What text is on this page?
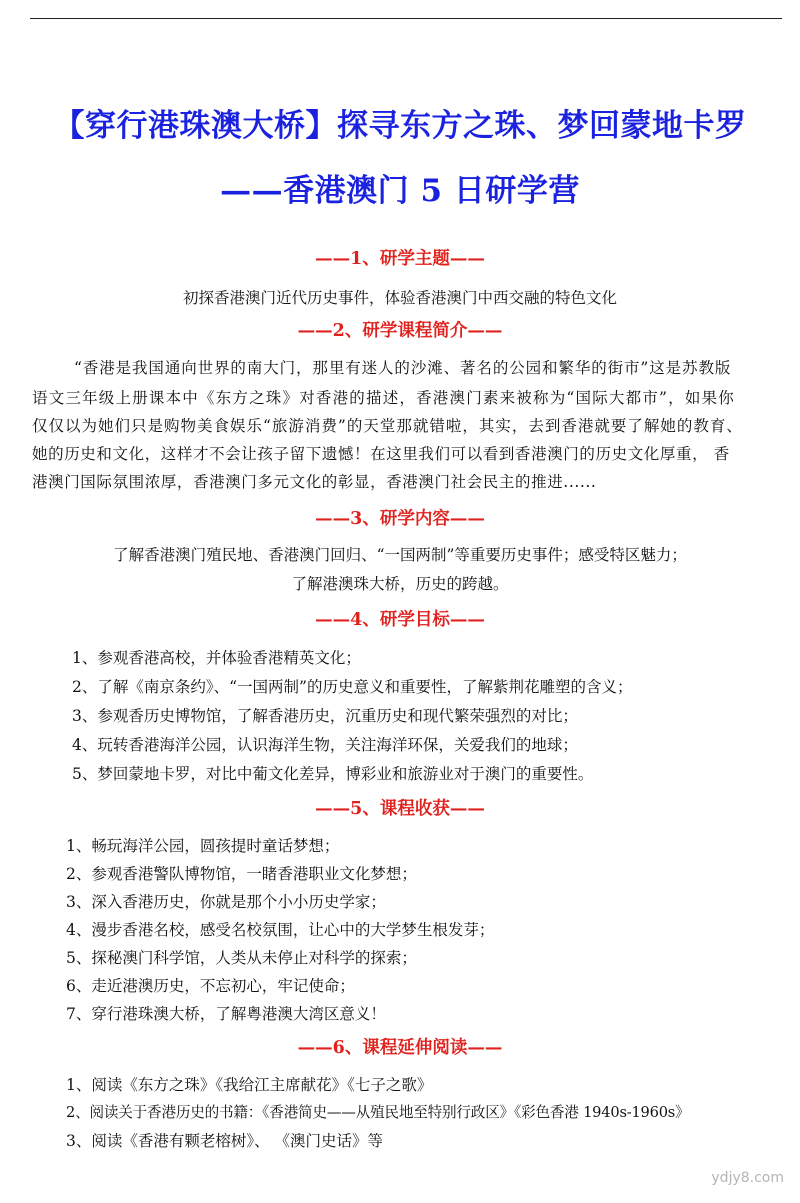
【穿行港珠澳大桥】探寻东方之珠、梦回蒙地卡罗
——香港澳门 5 日研学营
——1、研学主题——
初探香港澳门近代历史事件，体验香港澳门中西交融的特色文化
——2、研学课程简介——
“香港是我国通向世界的南大门，那里有迷人的沙滩、著名的公园和繁华的街市”这是苏教版
语文三年级上册课本中《东方之珠》对香港的描述，香港澳门素来被称为“国际大都市”，如果你
仅仅以为她们只是购物美食娱乐“旅游消费”的天堂那就错啦，其实，去到香港就要了解她的教育、
她的历史和文化，这样才不会让孩子留下遗憾！在这里我们可以看到香港澳门的历史文化厚重， 香
港澳门国际氛围浓厚，香港澳门多元文化的彰显，香港澳门社会民主的推进......
——3、研学内容——
了解香港澳门殖民地、香港澳门回归、“一国两制”等重要历史事件；感受特区魅力；
了解港澳珠大桥，历史的跨越。
——4、研学目标——
1、参观香港高校，并体验香港精英文化；
2、了解《南京条约》、“一国两制”的历史意义和重要性，了解紫荆花雕塑的含义；
3、参观香历史博物馆，了解香港历史，沉重历史和现代繁荣强烈的对比；
4、玩转香港海洋公园，认识海洋生物，关注海洋环保，关爱我们的地球；
5、梦回蒙地卡罗，对比中葡文化差异，博彩业和旅游业对于澳门的重要性。
——5、课程收获——
1、畅玩海洋公园，圆孩提时童话梦想；
2、参观香港警队博物馆，一睹香港职业文化梦想；
3、深入香港历史，你就是那个小小历史学家；
4、漫步香港名校，感受名校氛围，让心中的大学梦生根发芽；
5、探秘澳门科学馆，人类从未停止对科学的探索；
6、走近港澳历史，不忘初心，牢记使命；
7、穿行港珠澳大桥，了解粤港澳大湾区意义！
——6、课程延伸阅读——
1、阅读《东方之珠》《我给江主席献花》《七子之歌》
2、阅读关于香港历史的书籍：《香港简史——从殖民地至特别行政区》《彩色香港 1940s-1960s》
3、阅读《香港有颗老榕树》、 《澳门史话》等
ydjy8.com
